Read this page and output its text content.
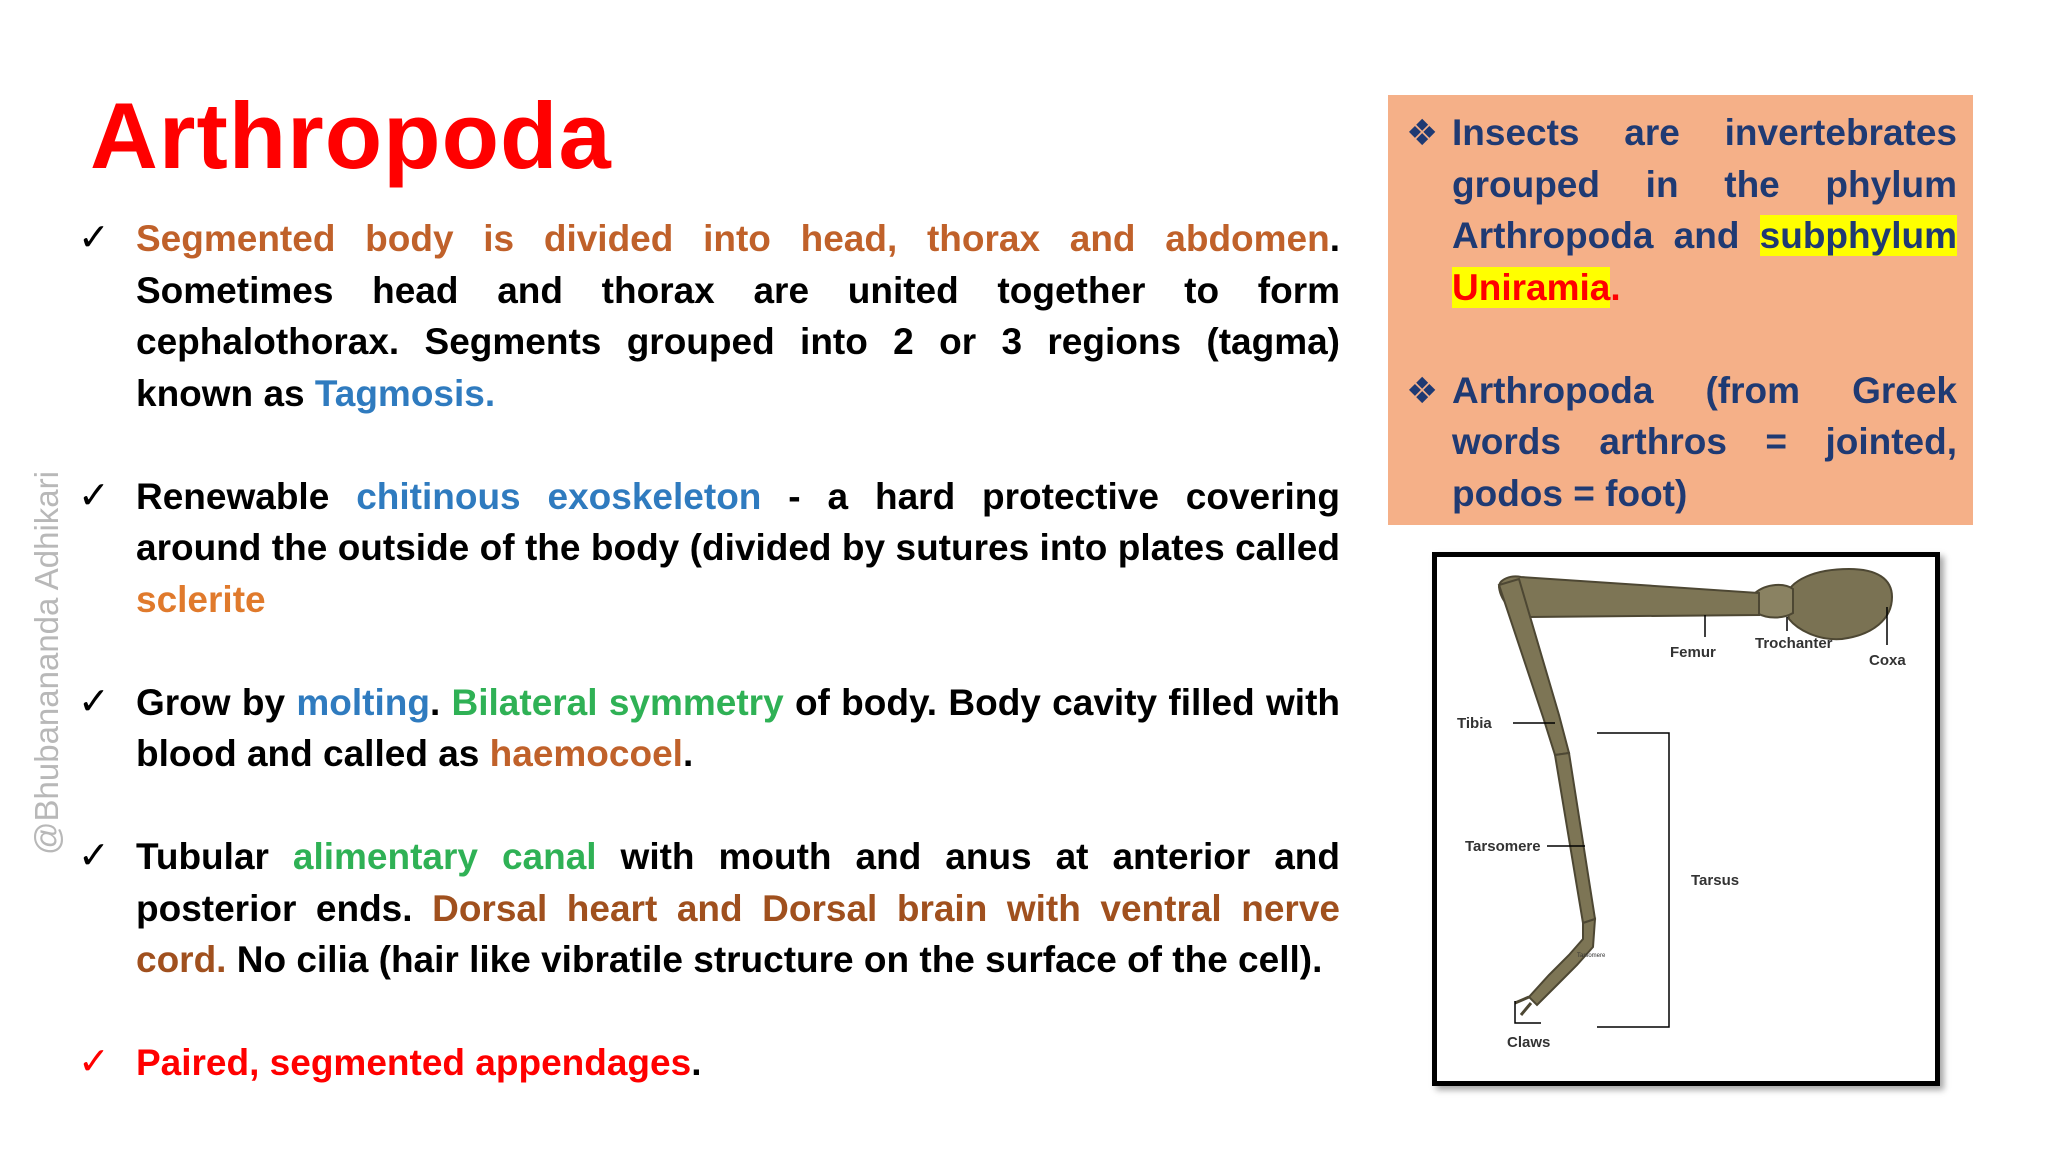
Arthropoda
@Bhubanananda Adhikari
✓ Segmented body is divided into head, thorax and abdomen. Sometimes head and thorax are united together to form cephalothorax. Segments grouped into 2 or 3 regions (tagma) known as Tagmosis.
✓ Renewable chitinous exoskeleton - a hard protective covering around the outside of the body (divided by sutures into plates called sclerite
✓ Grow by molting. Bilateral symmetry of body. Body cavity filled with blood and called as haemocoel.
✓ Tubular alimentary canal with mouth and anus at anterior and posterior ends. Dorsal heart and Dorsal brain with ventral nerve cord. No cilia (hair like vibratile structure on the surface of the cell).
✓ Paired, segmented appendages.
❖ Insects are invertebrates grouped in the phylum Arthropoda and subphylum Uniramia.
❖ Arthropoda (from Greek words arthros = jointed, podos = foot)
Femur
Trochanter
Coxa
Tibia
Tarsomere
Tarsus
Claws
Tarsomere
